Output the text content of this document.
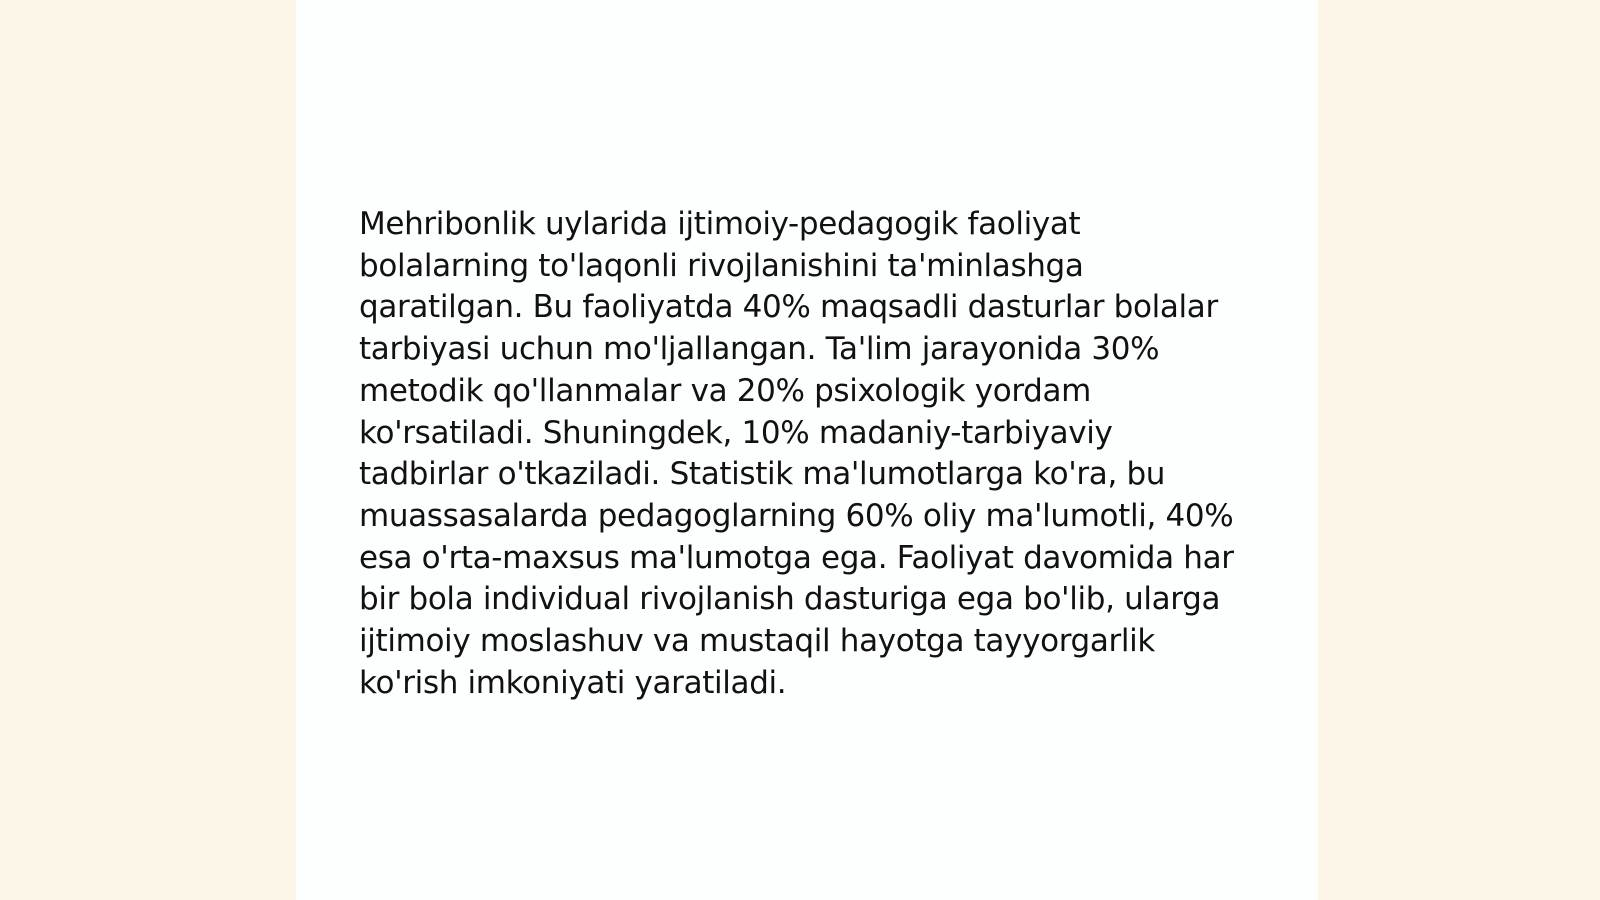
Mehribonlik uylarida ijtimoiy-pedagogik faoliyat bolalarning to'laqonli rivojlanishini ta'minlashga qaratilgan. Bu faoliyatda 40% maqsadli dasturlar bolalar tarbiyasi uchun mo'ljallangan. Ta'lim jarayonida 30% metodik qo'llanmalar va 20% psixologik yordam ko'rsatiladi. Shuningdek, 10% madaniy-tarbiyaviy tadbirlar o'tkaziladi. Statistik ma'lumotlarga ko'ra, bu muassasalarda pedagoglarning 60% oliy ma'lumotli, 40% esa o'rta-maxsus ma'lumotga ega. Faoliyat davomida har bir bola individual rivojlanish dasturiga ega bo'lib, ularga ijtimoiy moslashuv va mustaqil hayotga tayyorgarlik ko'rish imkoniyati yaratiladi.
